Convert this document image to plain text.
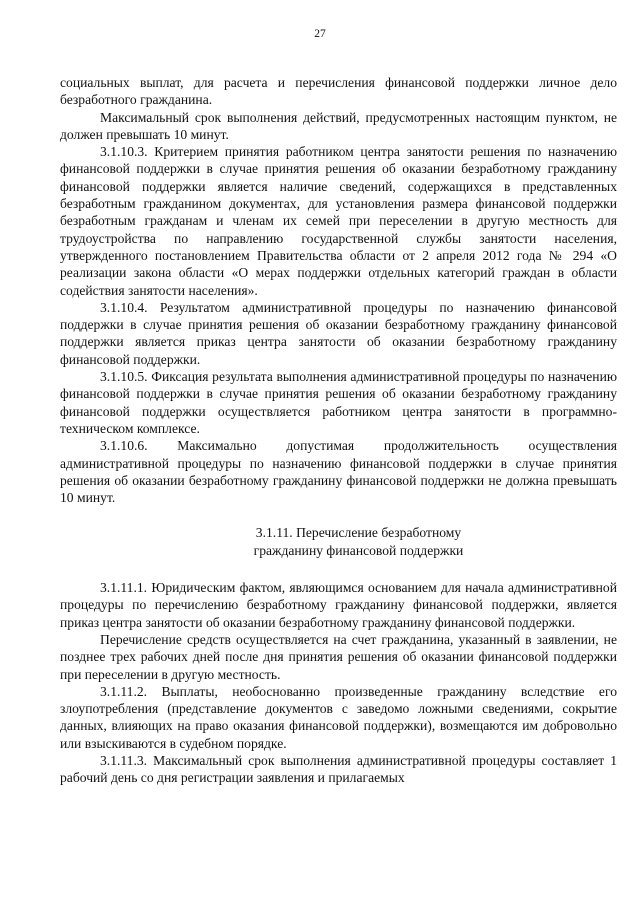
27

социальных выплат, для расчета и перечисления финансовой поддержки личное дело безработного гражданина.

Максимальный срок выполнения действий, предусмотренных настоящим пунктом, не должен превышать 10 минут.

3.1.10.3. Критерием принятия работником центра занятости решения по назначению финансовой поддержки в случае принятия решения об оказании безработному гражданину финансовой поддержки является наличие сведений, содержащихся в представленных безработным гражданином документах, для установления размера финансовой поддержки безработным гражданам и членам их семей при переселении в другую местность для трудоустройства по направлению государственной службы занятости населения, утвержденного постановлением Правительства области от 2 апреля 2012 года № 294 «О реализации закона области «О мерах поддержки отдельных категорий граждан в области содействия занятости населения».

3.1.10.4. Результатом административной процедуры по назначению финансовой поддержки в случае принятия решения об оказании безработному гражданину финансовой поддержки является приказ центра занятости об оказании безработному гражданину финансовой поддержки.

3.1.10.5. Фиксация результата выполнения административной процедуры по назначению финансовой поддержки в случае принятия решения об оказании безработному гражданину финансовой поддержки осуществляется работником центра занятости в программно-техническом комплексе.

3.1.10.6. Максимально допустимая продолжительность осуществления административной процедуры по назначению финансовой поддержки в случае принятия решения об оказании безработному гражданину финансовой поддержки не должна превышать 10 минут.

3.1.11. Перечисление безработному
гражданину финансовой поддержки

3.1.11.1. Юридическим фактом, являющимся основанием для начала административной процедуры по перечислению безработному гражданину финансовой поддержки, является приказ центра занятости об оказании безработному гражданину финансовой поддержки.

Перечисление средств осуществляется на счет гражданина, указанный в заявлении, не позднее трех рабочих дней после дня принятия решения об оказании финансовой поддержки при переселении в другую местность.

3.1.11.2. Выплаты, необоснованно произведенные гражданину вследствие его злоупотребления (представление документов с заведомо ложными сведениями, сокрытие данных, влияющих на право оказания финансовой поддержки), возмещаются им добровольно или взыскиваются в судебном порядке.

3.1.11.3. Максимальный срок выполнения административной процедуры составляет 1 рабочий день со дня регистрации заявления и прилагаемых
